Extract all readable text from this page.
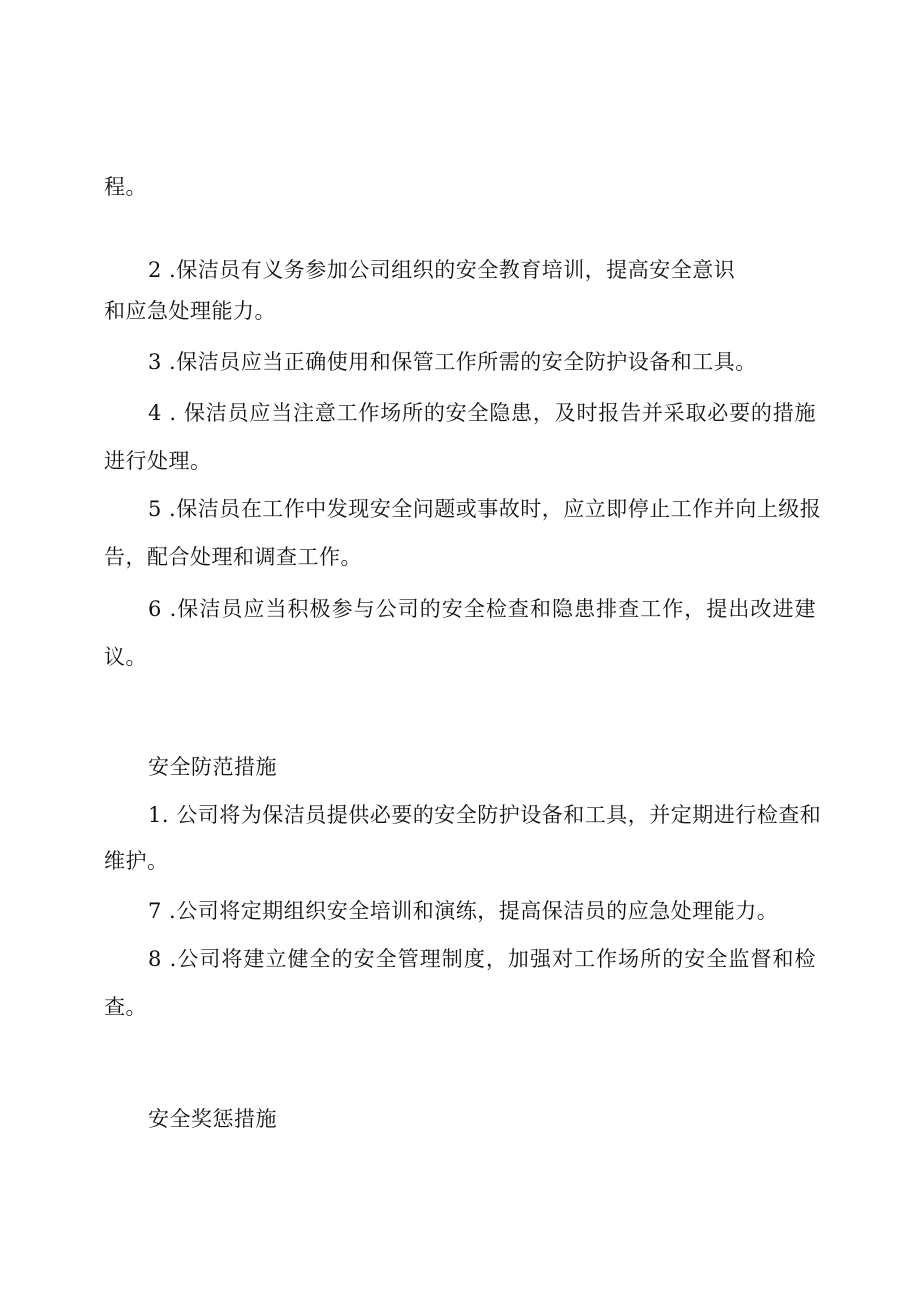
程。
2 .保洁员有义务参加公司组织的安全教育培训，提高安全意识
和应急处理能力。
3 .保洁员应当正确使用和保管工作所需的安全防护设备和工具。
4 . 保洁员应当注意工作场所的安全隐患，及时报告并采取必要的措施
进行处理。
5 .保洁员在工作中发现安全问题或事故时，应立即停止工作并向上级报
告，配合处理和调查工作。
6 .保洁员应当积极参与公司的安全检查和隐患排查工作，提出改进建
议。
安全防范措施
1. 公司将为保洁员提供必要的安全防护设备和工具，并定期进行检查和
维护。
7 .公司将定期组织安全培训和演练，提高保洁员的应急处理能力。
8 .公司将建立健全的安全管理制度，加强对工作场所的安全监督和检
查。
安全奖惩措施
